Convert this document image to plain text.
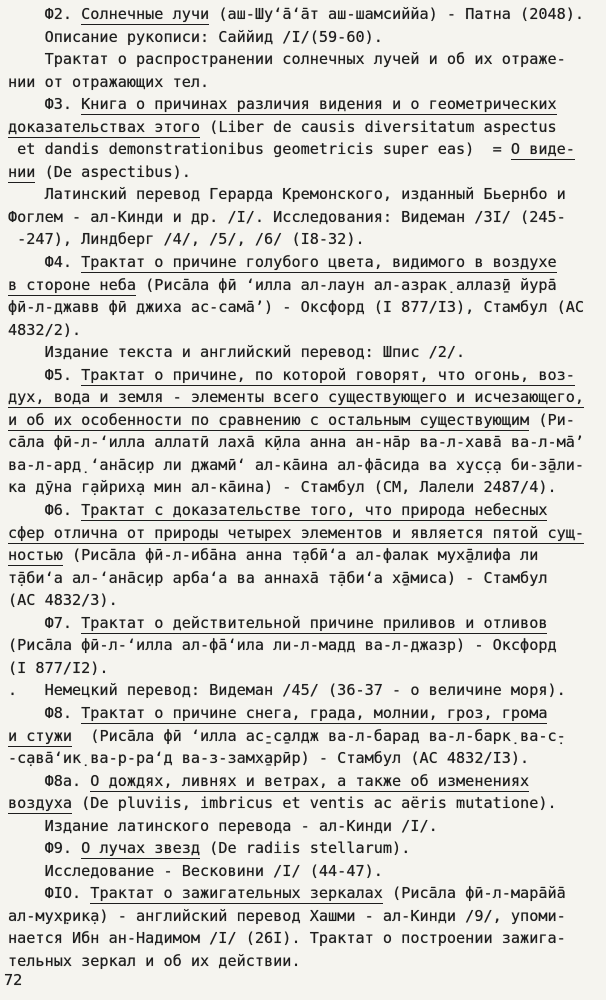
Ф2. Солнечные лучи (аш-Шуʻа̄ʻа̄т аш-шамсиййа) - Патна (2048).
Описание рукописи: Саййид /I/(59-60).
Трактат о распространении солнечных лучей и об их отраже-
нии от отражающих тел.
Ф3. Книга о причинах различия видения и о геометрических
доказательствах этого (Liber de causis diversitatum aspectus
et dandis demonstrationibus geometricis super eas)  = О виде-
нии (De aspectibus).
Латинский перевод Герарда Кремонского, изданный Бьернбо и
Фоглем - ал-Кинди и др. /I/. Исследования: Видеман /3I/ (245-
-247), Линдберг /4/, /5/, /6/ (I8-32).
Ф4. Трактат о причине голубого цвета, видимого в воздухе
в стороне неба (Риса̄ла фӣ ʻилла ал-лаун ал-азрак̣ аллаз̱ӣ йура̄
фӣ-л-джавв фӣ джиха ас-сама̄ʼ) - Оксфорд (I 877/I3), Стамбул (АС
4832/2).
Издание текста и английский перевод: Шпис /2/.
Ф5. Трактат о причине, по которой говорят, что огонь, воз-
дух, вода и земля - элементы всего существующего и исчезающего,
и об их особенности по сравнению с остальным существующим (Ри-
са̄ла фӣ-л-ʻилла аллатӣ лаха̄ к̣ӣла анна ан-на̄р ва-л-хава̄ ва-л-ма̄ʼ
ва-л-ард̣ ʻана̄с̣ир ли джамӣʻ ал-ка̄ина ал-фа̄сида ва х̣ус̣с̣а би-з̱а̄ли-
ка дӯна г̣айрих̣а мин ал-ка̄ина) - Стамбул (СМ, Лалели 2487/4).
Ф6. Трактат с доказательстве того, что природа небесных
сфер отлична от природы четырех элементов и является пятой сущ-
ностью (Риса̄ла фӣ-л-иба̄на анна т̣абӣʻа ал-фалак мух̱а̄лифа ли
т̣а̄биʻа ал-ʻана̄с̣ир арбаʻа ва аннаха̄ т̣а̄биʻа х̱а̄миса) - Стамбул
(АС 4832/3).
Ф7. Трактат о действительной причине приливов и отливов
(Риса̄ла фӣ-л-ʻилла ал-фа̄ʻила ли-л-мадд ва-л-джазр) - Оксфорд
(I 877/I2).
.   Немецкий перевод: Видеман /45/ (36-37 - о величине моря).
Ф8. Трактат о причине снега, града, молнии, гроз, грома
и стужи  (Риса̄ла фӣ ʻилла ас̱-с̱алдж ва-л-барад ва-л-барк̣ ва-с̣-
-с̣ава̄ʻик̣ ва-р-раʻд ва-з-замх̱арӣр) - Стамбул (АС 4832/I3).
Ф8а. О дождях, ливнях и ветрах, а также об изменениях
воздуха (De pluviis, imbricus et ventis ac aëris mutatione).
Издание латинского перевода - ал-Кинди /I/.
Ф9. О лучах звезд (De radiis stellarum).
Исследование - Весковини /I/ (44-47).
ФIО. Трактат о зажигательных зеркалах (Риса̄ла фӣ-л-мара̄йа̄
ал-мух̣рик̣а) - английский перевод Хашми - ал-Кинди /9/, упоми-
нается Ибн ан-Надимом /I/ (26I). Трактат о построении зажига-
тельных зеркал и об их действии.
72
